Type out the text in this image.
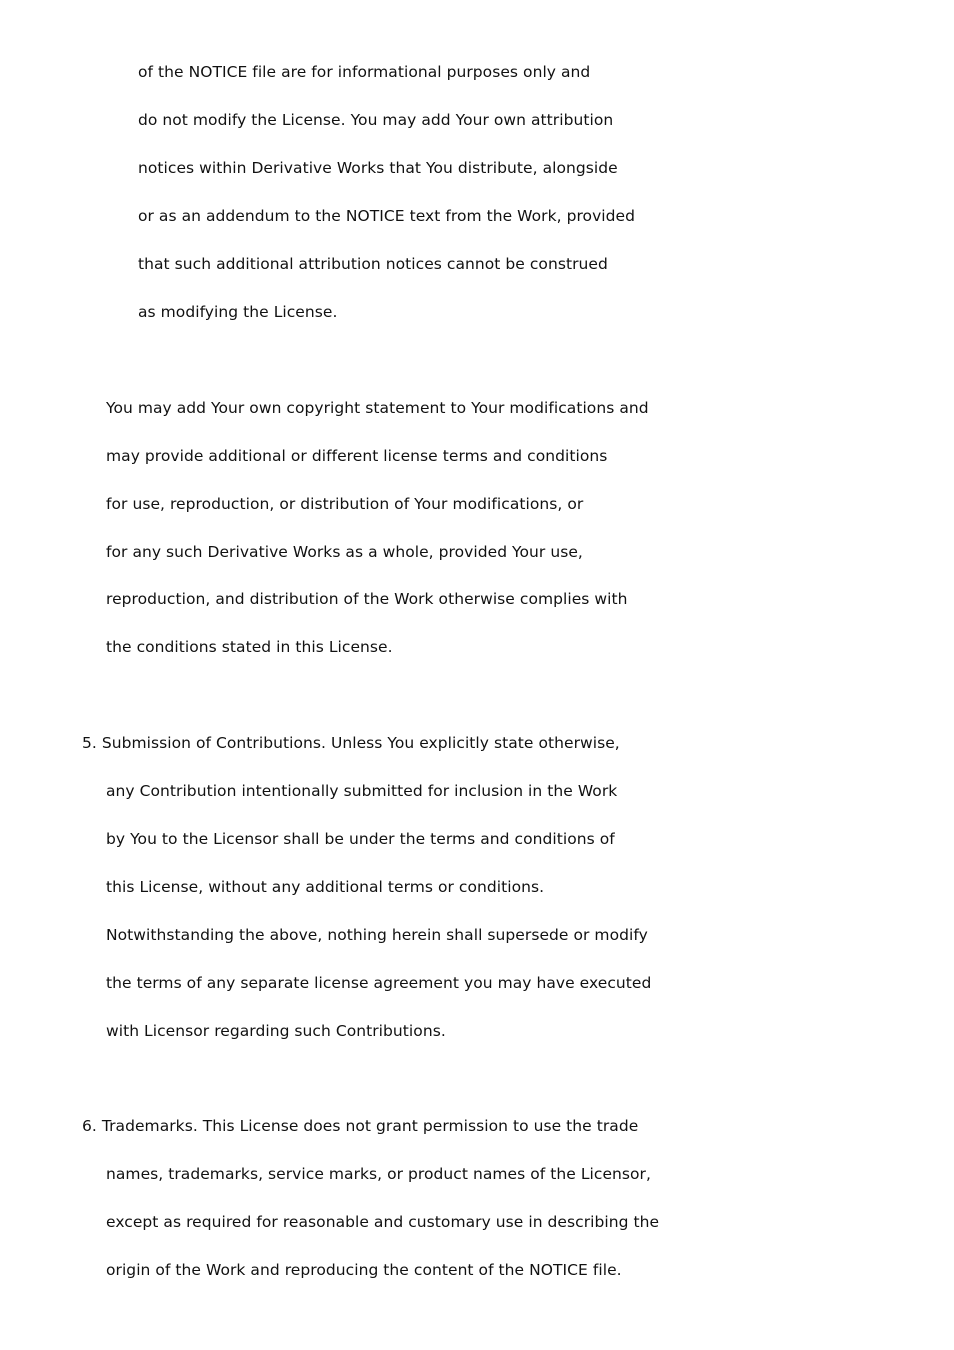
of the NOTICE file are for informational purposes only and
do not modify the License. You may add Your own attribution
notices within Derivative Works that You distribute, alongside
or as an addendum to the NOTICE text from the Work, provided
that such additional attribution notices cannot be construed
as modifying the License.
You may add Your own copyright statement to Your modifications and
may provide additional or different license terms and conditions
for use, reproduction, or distribution of Your modifications, or
for any such Derivative Works as a whole, provided Your use,
reproduction, and distribution of the Work otherwise complies with
the conditions stated in this License.
5. Submission of Contributions. Unless You explicitly state otherwise,
any Contribution intentionally submitted for inclusion in the Work
by You to the Licensor shall be under the terms and conditions of
this License, without any additional terms or conditions.
Notwithstanding the above, nothing herein shall supersede or modify
the terms of any separate license agreement you may have executed
with Licensor regarding such Contributions.
6. Trademarks. This License does not grant permission to use the trade
names, trademarks, service marks, or product names of the Licensor,
except as required for reasonable and customary use in describing the
origin of the Work and reproducing the content of the NOTICE file.
